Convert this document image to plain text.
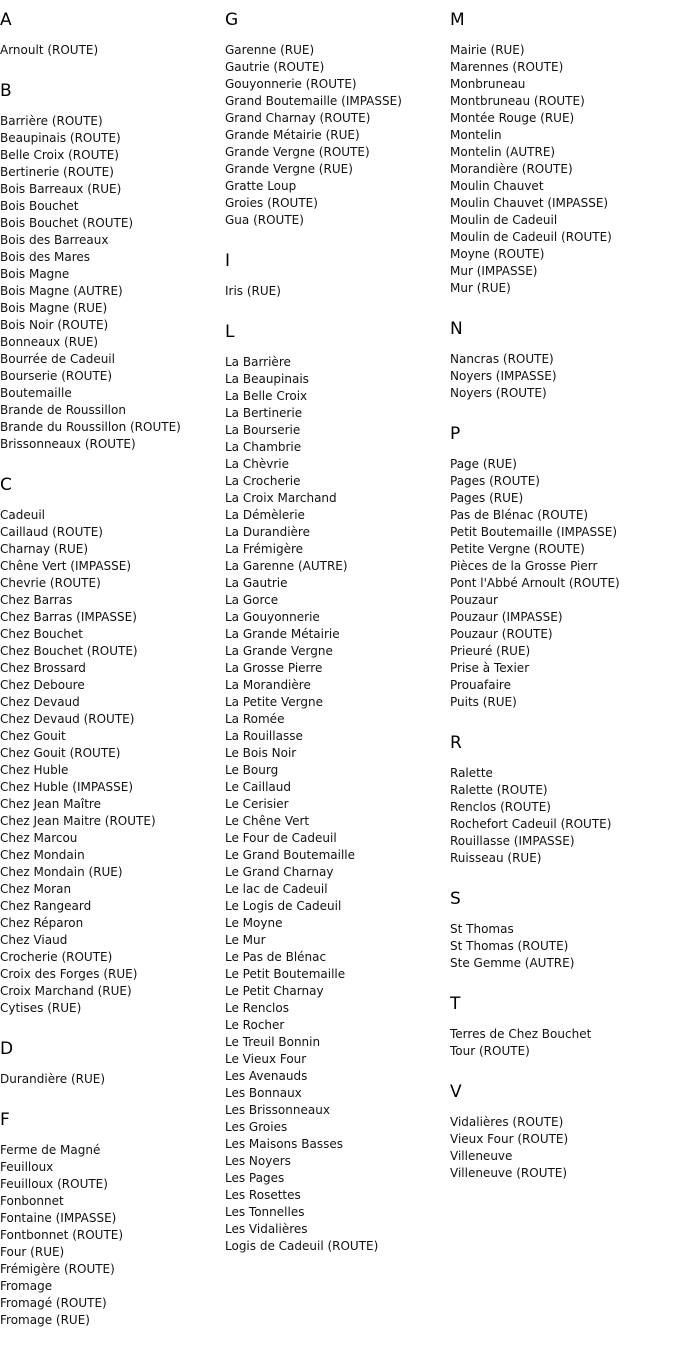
A
Arnoult (ROUTE)
B
Barrière (ROUTE)
Beaupinais (ROUTE)
Belle Croix (ROUTE)
Bertinerie (ROUTE)
Bois Barreaux (RUE)
Bois Bouchet
Bois Bouchet (ROUTE)
Bois des Barreaux
Bois des Mares
Bois Magne
Bois Magne (AUTRE)
Bois Magne (RUE)
Bois Noir (ROUTE)
Bonneaux (RUE)
Bourrée de Cadeuil
Bourserie (ROUTE)
Boutemaille
Brande de Roussillon
Brande du Roussillon (ROUTE)
Brissonneaux (ROUTE)
C
Cadeuil
Caillaud (ROUTE)
Charnay (RUE)
Chêne Vert (IMPASSE)
Chevrie (ROUTE)
Chez Barras
Chez Barras (IMPASSE)
Chez Bouchet
Chez Bouchet (ROUTE)
Chez Brossard
Chez Deboure
Chez Devaud
Chez Devaud (ROUTE)
Chez Gouit
Chez Gouit (ROUTE)
Chez Huble
Chez Huble (IMPASSE)
Chez Jean Maître
Chez Jean Maitre (ROUTE)
Chez Marcou
Chez Mondain
Chez Mondain (RUE)
Chez Moran
Chez Rangeard
Chez Réparon
Chez Viaud
Crocherie (ROUTE)
Croix des Forges (RUE)
Croix Marchand (RUE)
Cytises (RUE)
D
Durandière (RUE)
F
Ferme de Magné
Feuilloux
Feuilloux (ROUTE)
Fonbonnet
Fontaine (IMPASSE)
Fontbonnet (ROUTE)
Four (RUE)
Frémigère (ROUTE)
Fromage
Fromagé (ROUTE)
Fromage (RUE)
G
Garenne (RUE)
Gautrie (ROUTE)
Gouyonnerie (ROUTE)
Grand Boutemaille (IMPASSE)
Grand Charnay (ROUTE)
Grande Métairie (RUE)
Grande Vergne (ROUTE)
Grande Vergne (RUE)
Gratte Loup
Groies (ROUTE)
Gua (ROUTE)
I
Iris (RUE)
L
La Barrière
La Beaupinais
La Belle Croix
La Bertinerie
La Bourserie
La Chambrie
La Chèvrie
La Crocherie
La Croix Marchand
La Démèlerie
La Durandière
La Frémigère
La Garenne (AUTRE)
La Gautrie
La Gorce
La Gouyonnerie
La Grande Métairie
La Grande Vergne
La Grosse Pierre
La Morandière
La Petite Vergne
La Romée
La Rouillasse
Le Bois Noir
Le Bourg
Le Caillaud
Le Cerisier
Le Chêne Vert
Le Four de Cadeuil
Le Grand Boutemaille
Le Grand Charnay
Le lac de Cadeuil
Le Logis de Cadeuil
Le Moyne
Le Mur
Le Pas de Blénac
Le Petit Boutemaille
Le Petit Charnay
Le Renclos
Le Rocher
Le Treuil Bonnin
Le Vieux Four
Les Avenauds
Les Bonnaux
Les Brissonneaux
Les Groies
Les Maisons Basses
Les Noyers
Les Pages
Les Rosettes
Les Tonnelles
Les Vidalières
Logis de Cadeuil (ROUTE)
M
Mairie (RUE)
Marennes (ROUTE)
Monbruneau
Montbruneau (ROUTE)
Montée Rouge (RUE)
Montelin
Montelin (AUTRE)
Morandière (ROUTE)
Moulin Chauvet
Moulin Chauvet (IMPASSE)
Moulin de Cadeuil
Moulin de Cadeuil (ROUTE)
Moyne (ROUTE)
Mur (IMPASSE)
Mur (RUE)
N
Nancras (ROUTE)
Noyers (IMPASSE)
Noyers (ROUTE)
P
Page (RUE)
Pages (ROUTE)
Pages (RUE)
Pas de Blénac (ROUTE)
Petit Boutemaille (IMPASSE)
Petite Vergne (ROUTE)
Pièces de la Grosse Pierr
Pont l'Abbé Arnoult (ROUTE)
Pouzaur
Pouzaur (IMPASSE)
Pouzaur (ROUTE)
Prieuré (RUE)
Prise à Texier
Prouafaire
Puits (RUE)
R
Ralette
Ralette (ROUTE)
Renclos (ROUTE)
Rochefort Cadeuil (ROUTE)
Rouillasse (IMPASSE)
Ruisseau (RUE)
S
St Thomas
St Thomas (ROUTE)
Ste Gemme (AUTRE)
T
Terres de Chez Bouchet
Tour (ROUTE)
V
Vidalières (ROUTE)
Vieux Four (ROUTE)
Villeneuve
Villeneuve (ROUTE)
